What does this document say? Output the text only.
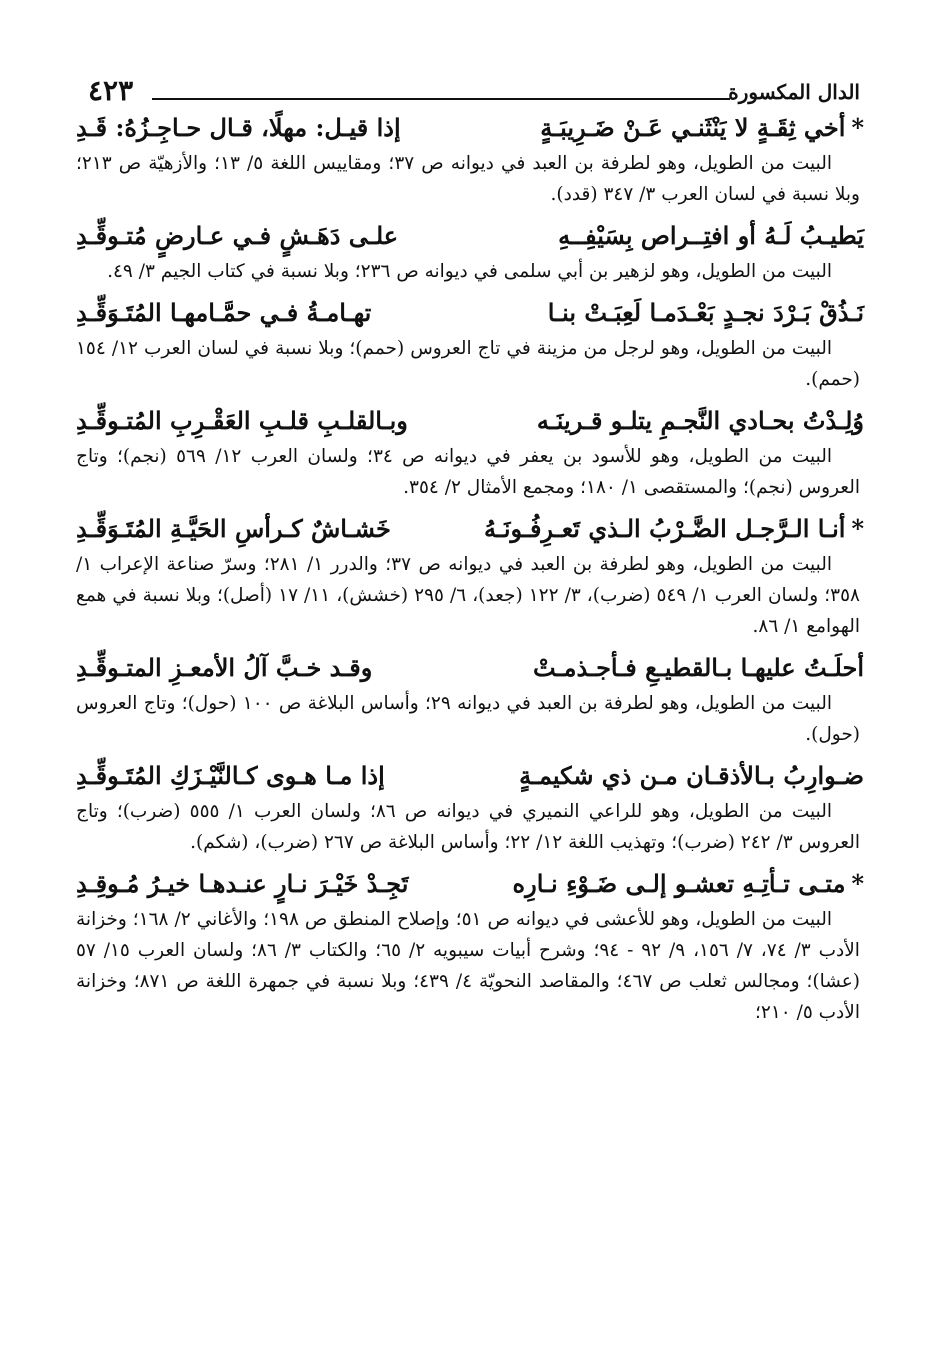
الدال المكسورة
٤٢٣
*أخي ثِقَـةٍ لا يَنْثَنـي عَـنْ ضَـرِيبَـةٍ
إذا قيـل: مهلًا، قـال حـاجِـزُهُ: قَـدِ

البيت من الطويل، وهو لطرفة بن العبد في ديوانه ص ٣٧؛ ومقاييس اللغة ٥/ ١٣؛ والأزهيّة ص ٢١٣؛ وبلا نسبة في لسان العرب ٣/ ٣٤٧ (قدد).

يَطيـبُ لَـهُ أو افتِــراص بِسَيْفِــهِ
علـى دَهَـشٍ فـي عـارضٍ مُتـوقِّـدِ

البيت من الطويل، وهو لزهير بن أبي سلمى في ديوانه ص ٢٣٦؛ وبلا نسبة في كتاب الجيم ٣/ ٤٩.

نَـذُقْ بَـرْدَ نجـدٍ بَعْـدَمـا لَعِبَـتْ بنـا
تهـامـةُ فـي حمَّـامهـا المُتَـوَقِّـدِ

البيت من الطويل، وهو لرجل من مزينة في تاج العروس (حمم)؛ وبلا نسبة في لسان العرب ١٢/ ١٥٤ (حمم).

وُلِـدْتُ بحـادي النَّجـمِ يتلـو قـرينَـه
وبـالقلـبِ قلـبِ العَقْـرِبِ المُتـوقِّـدِ

البيت من الطويل، وهو للأسود بن يعفر في ديوانه ص ٣٤؛ ولسان العرب ١٢/ ٥٦٩ (نجم)؛ وتاج العروس (نجم)؛ والمستقصى ١/ ١٨٠؛ ومجمع الأمثال ٢/ ٣٥٤.

*أنـا الـرَّجـل الضَّـرْبُ الـذي تَعـرِفُـونَـهُ
خَشـاشٌ كـرأسِ الحَيَّـةِ المُتَـوَقِّـدِ

البيت من الطويل، وهو لطرفة بن العبد في ديوانه ص ٣٧؛ والدرر ١/ ٢٨١؛ وسرّ صناعة الإعراب ١/ ٣٥٨؛ ولسان العرب ١/ ٥٤٩ (ضرب)، ٣/ ١٢٢ (جعد)، ٦/ ٢٩٥ (خشش)، ١١/ ١٧ (أصل)؛ وبلا نسبة في همع الهوامع ١/ ٨٦.

أحلَـتُ عليهـا بـالقطيـعِ فـأجـذمـتْ
وقـد خـبَّ آلُ الأمعـزِ المتـوقِّـدِ

البيت من الطويل، وهو لطرفة بن العبد في ديوانه ٢٩؛ وأساس البلاغة ص ١٠٠ (حول)؛ وتاج العروس (حول).

ضـوارِبُ بـالأذقـان مـن ذي شكيمـةٍ
إذا مـا هـوى كـالنَّيْـزَكِ المُتَـوقِّـدِ

البيت من الطويل، وهو للراعي النميري في ديوانه ص ٨٦؛ ولسان العرب ١/ ٥٥٥ (ضرب)؛ وتاج العروس ٣/ ٢٤٢ (ضرب)؛ وتهذيب اللغة ١٢/ ٢٢؛ وأساس البلاغة ص ٢٦٧ (ضرب)، (شكم).

*متـى تـأتِـهِ تعشـو إلـى ضَـوْءِ نـارِه
تَجِـدْ خَيْـرَ نـارٍ عنـدهـا خيـرُ مُـوقِـدِ

البيت من الطويل، وهو للأعشى في ديوانه ص ٥١؛ وإصلاح المنطق ص ١٩٨؛ والأغاني ٢/ ١٦٨؛ وخزانة الأدب ٣/ ٧٤، ٧/ ١٥٦، ٩/ ٩٢ - ٩٤؛ وشرح أبيات سيبويه ٢/ ٦٥؛ والكتاب ٣/ ٨٦؛ ولسان العرب ١٥/ ٥٧ (عشا)؛ ومجالس ثعلب ص ٤٦٧؛ والمقاصد النحويّة ٤/ ٤٣٩؛ وبلا نسبة في جمهرة اللغة ص ٨٧١؛ وخزانة الأدب ٥/ ٢١٠؛
